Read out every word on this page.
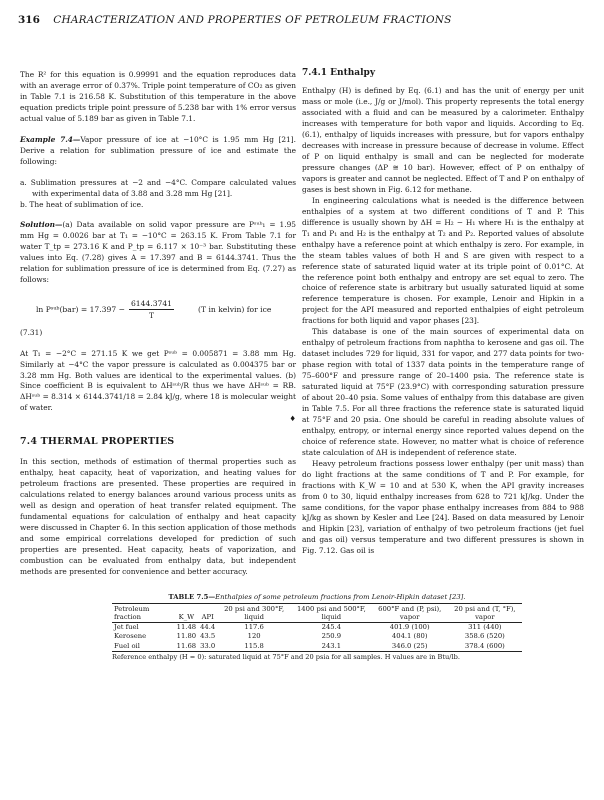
316 CHARACTERIZATION AND PROPERTIES OF PETROLEUM FRACTIONS

The R² for this equation is 0.99991 and the equation reproduces data with an average error of 0.37%. Triple point temperature of CO₂ as given in Table 7.1 is 216.58 K. Substitution of this temperature in the above equation predicts triple point pressure of 5.238 bar with 1% error versus actual value of 5.189 bar as given in Table 7.1.

Example 7.4—Vapor pressure of ice at −10°C is 1.95 mm Hg [21]. Derive a relation for sublimation pressure of ice and estimate the following:

a. Sublimation pressures at −2 and −4°C. Compare calculated values with experimental data of 3.88 and 3.28 mm Hg [21].

b. The heat of sublimation of ice.

Solution—(a) Data available on solid vapor pressure are Pˢᵘᵇ₁ = 1.95 mm Hg = 0.0026 bar at T₁ = −10°C = 263.15 K. From Table 7.1 for water T_tp = 273.16 K and P_tp = 6.117 × 10⁻³ bar. Substituting these values into Eq. (7.28) gives A = 17.397 and B = 6144.3741. Thus the relation for sublimation pressure of ice is determined from Eq. (7.27) as follows:

ln Pˢᵘᵇ(bar) = $17.397 - \frac{6144.3741}{T}$	(T in kelvin) for ice

(7.31)

At T₁ = −2°C = 271.15 K we get Pˢᵘᵇ = 0.005871 = 3.88 mm Hg. Similarly at −4°C the vapor pressure is calculated as 0.004375 bar or 3.28 mm Hg. Both values are identical to the experimental values. (b) Since coefficient B is equivalent to ΔHˢᵘᵇ/R thus we have ΔHˢᵘᵇ = RB. ΔHˢᵘᵇ = 8.314 × 6144.3741/18 = 2.84 kJ/g, where 18 is molecular weight of water.

♦

7.4 THERMAL PROPERTIES

In this section, methods of estimation of thermal properties such as enthalpy, heat capacity, heat of vaporization, and heating values for petroleum fractions are presented. These properties are required in calculations related to energy balances around various process units as well as design and operation of heat transfer related equipment. The fundamental equations for calculation of enthalpy and heat capacity were discussed in Chapter 6. In this section application of those methods and some empirical correlations developed for prediction of such properties are presented. Heat capacity, heats of vaporization, and combustion can be evaluated from enthalpy data, but independent methods are presented for convenience and better accuracy.

7.4.1 Enthalpy

Enthalpy (H) is defined by Eq. (6.1) and has the unit of energy per unit mass or mole (i.e., J/g or J/mol). This property represents the total energy associated with a fluid and can be measured by a calorimeter. Enthalpy increases with temperature for both vapor and liquids. According to Eq. (6.1), enthalpy of liquids increases with pressure, but for vapors enthalpy decreases with increase in pressure because of decrease in volume. Effect of P on liquid enthalpy is small and can be neglected for moderate pressure changes (ΔP ≅ 10 bar). However, effect of P on enthalpy of vapors is greater and cannot be neglected. Effect of T and P on enthalpy of gases is best shown in Fig. 6.12 for methane.

In engineering calculations what is needed is the difference between enthalpies of a system at two different conditions of T and P. This difference is usually shown by ΔH = H₂ − H₁ where H₁ is the enthalpy at T₁ and P₁ and H₂ is the enthalpy at T₂ and P₂. Reported values of absolute enthalpy have a reference point at which enthalpy is zero. For example, in the steam tables values of both H and S are given with respect to a reference state of saturated liquid water at its triple point of 0.01°C. At the reference point both enthalpy and entropy are set equal to zero. The choice of reference state is arbitrary but usually saturated liquid at some reference temperature is chosen. For example, Lenoir and Hipkin in a project for the API measured and reported enthalpies of eight petroleum fractions for both liquid and vapor phases [23].

This database is one of the main sources of experimental data on enthalpy of petroleum fractions from naphtha to kerosene and gas oil. The dataset includes 729 for liquid, 331 for vapor, and 277 data points for two-phase region with total of 1337 data points in the temperature range of 75–600°F and pressure range of 20–1400 psia. The reference state is saturated liquid at 75°F (23.9°C) with corresponding saturation pressure of about 20–40 psia. Some values of enthalpy from this database are given in Table 7.5. For all three fractions the reference state is saturated liquid at 75°F and 20 psia. One should be careful in reading absolute values of enthalpy, entropy, or internal energy since reported values depend on the choice of reference state. However, no matter what is choice of reference state calculation of ΔH is independent of reference state.

Heavy petroleum fractions possess lower enthalpy (per unit mass) than do light fractions at the same conditions of T and P. For example, for fractions with K_W = 10 and at 530 K, when the API gravity increases from 0 to 30, liquid enthalpy increases from 628 to 721 kJ/kg. Under the same conditions, for the vapor phase enthalpy increases from 884 to 988 kJ/kg as shown by Kesler and Lee [24]. Based on data measured by Lenoir and Hipkin [23], variation of enthalpy of two petroleum fractions (jet fuel and gas oil) versus temperature and two different pressures is shown in Fig. 7.12. Gas oil is

TABLE 7.5—Enthalpies of some petroleum fractions from Lenoir-Hipkin dataset [23].
Petroleum fraction	K_W	API	20 psi and 300°F, liquid	1400 psi and 500°F, liquid	600°F and (P, psi), vapor	20 psi and (T, °F), vapor
Jet fuel	11.48	44.4	117.6	245.4	401.9 (100)	311 (440)
Kerosene	11.80	43.5	120	250.9	404.1 (80)	358.6 (520)
Fuel oil	11.68	33.0	115.8	243.1	346.0 (25)	378.4 (600)
Reference enthalpy (H = 0): saturated liquid at 75°F and 20 psia for all samples. H values are in Btu/lb.
